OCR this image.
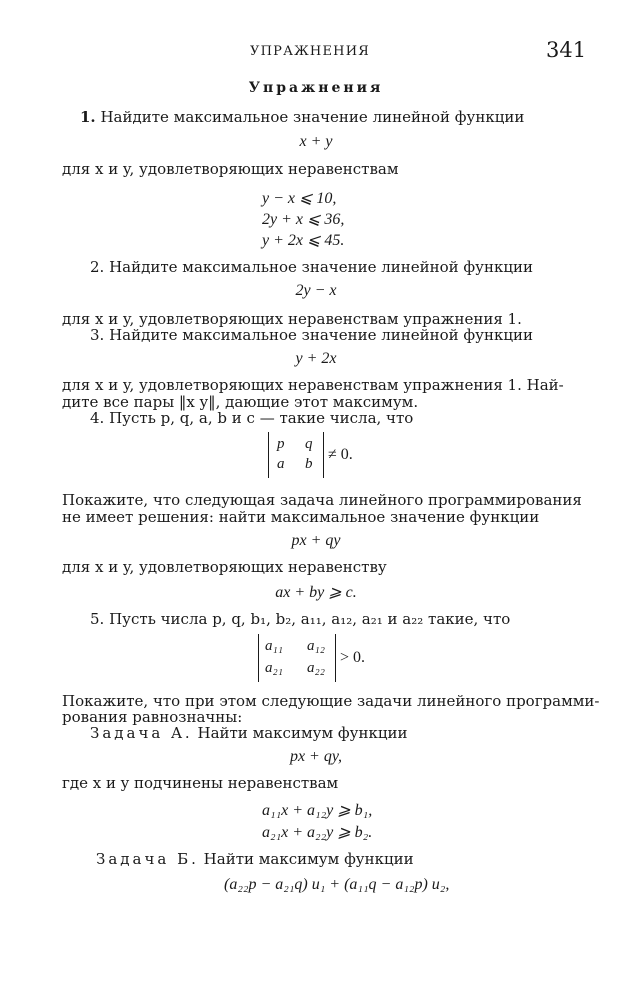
УПРАЖНЕНИЯ	341
Упражнения
1. Найдите максимальное значение линейной функции
x + y
для x и y, удовлетворяющих неравенствам
y − x ⩽ 10,
2y + x ⩽ 36,
y + 2x ⩽ 45.
2. Найдите максимальное значение линейной функции
2y − x
для x и y, удовлетворяющих неравенствам упражнения 1.
3. Найдите максимальное значение линейной функции
y + 2x
для x и y, удовлетворяющих неравенствам упражнения 1. Най-
дите все пары ‖x y‖, дающие этот максимум.
4. Пусть p, q, a, b и c — такие числа, что
p q
a b
≠ 0.
Покажите, что следующая задача линейного программирования
не имеет решения: найти максимальное значение функции
px + qy
для x и y, удовлетворяющих неравенству
ax + by ⩾ c.
5. Пусть числа p, q, b₁, b₂, a₁₁, a₁₂, a₂₁ и a₂₂ такие, что
a₁₁ a₁₂
a₂₁ a₂₂
> 0.
Покажите, что при этом следующие задачи линейного программи-
рования равнозначны:
Задача A. Найти максимум функции
px + qy,
где x и y подчинены неравенствам
a₁₁x + a₁₂y ⩾ b₁,
a₂₁x + a₂₂y ⩾ b₂.
Задача Б. Найти максимум функции
(a₂₂p − a₂₁q) u₁ + (a₁₁q − a₁₂p) u₂,
